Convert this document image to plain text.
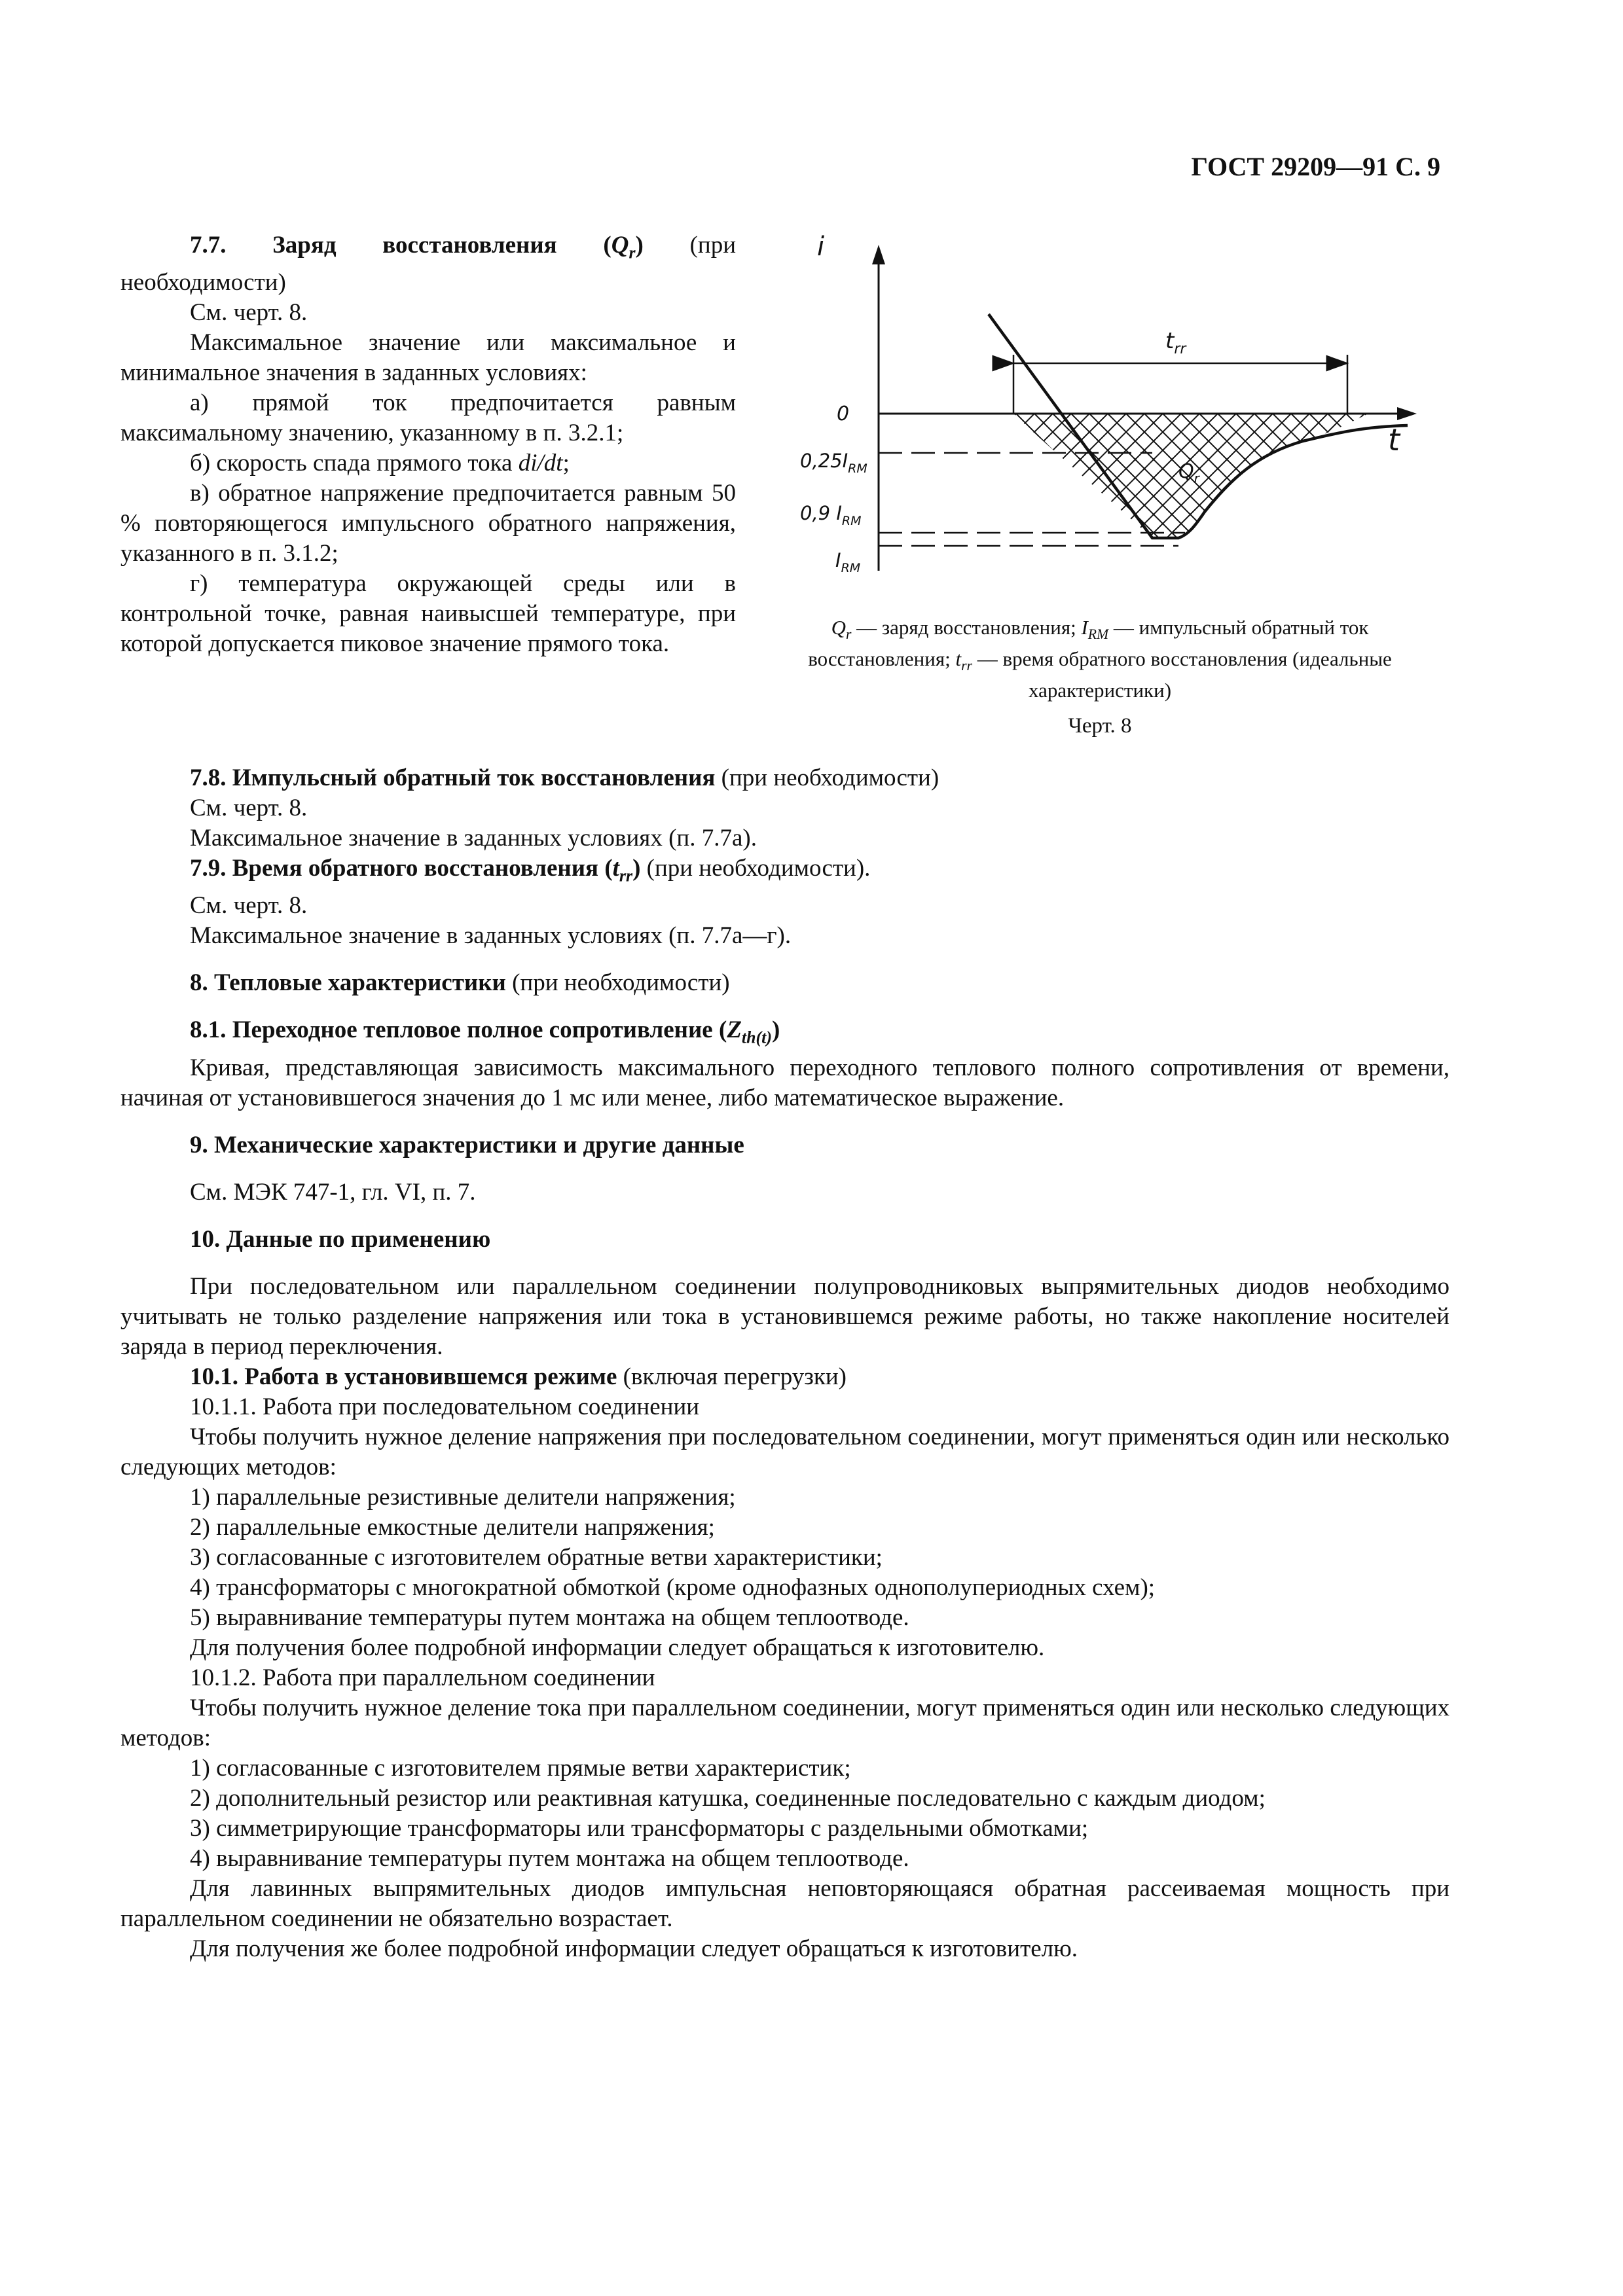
ГОСТ 29209—91 С. 9

7.7. Заряд восстановления $(Q_r)$ (при необходимости)

См. черт. 8.

Максимальное значение или максимальное и минимальное значения в заданных условиях:

а) прямой ток предпочитается равным максимальному значению, указанному в п. 3.2.1;

б) скорость спада прямого тока di/dt;

в) обратное напряжение предпочитается равным 50 % повторяющегося импульсного обратного напряжения, указанного в п. 3.1.2;

г) температура окружающей среды или в контрольной точке, равная наивысшей температуре, при которой допускается пиковое значение прямого тока.

i
t
0
$0,25I_{RM}$
0,9 $I_{RM}$
$I_{RM}$
$t_{rr}$
$Q_r$
$Q_r$ — заряд восстановления; $I_{RM}$ — импульсный обратный ток восстановления; $t_{rr}$ — время обратного восстановления (идеальные характеристики)
Черт. 8

7.8. Импульсный обратный ток восстановления (при необходимости)

См. черт. 8.

Максимальное значение в заданных условиях (п. 7.7а).

7.9. Время обратного восстановления $(t_{rr})$ (при необходимости).

См. черт. 8.

Максимальное значение в заданных условиях (п. 7.7а—г).

8. Тепловые характеристики (при необходимости)

8.1. Переходное тепловое полное сопротивление $(Z_{th(t)})$

Кривая, представляющая зависимость максимального переходного теплового полного сопротивления от времени, начиная от установившегося значения до 1 мс или менее, либо математическое выражение.

9. Механические характеристики и другие данные

См. МЭК 747-1, гл. VI, п. 7.

10. Данные по применению

При последовательном или параллельном соединении полупроводниковых выпрямительных диодов необходимо учитывать не только разделение напряжения или тока в установившемся режиме работы, но также накопление носителей заряда в период переключения.

10.1. Работа в установившемся режиме (включая перегрузки)

10.1.1. Работа при последовательном соединении

Чтобы получить нужное деление напряжения при последовательном соединении, могут применяться один или несколько следующих методов:

1) параллельные резистивные делители напряжения;

2) параллельные емкостные делители напряжения;

3) согласованные с изготовителем обратные ветви характеристики;

4) трансформаторы с многократной обмоткой (кроме однофазных однополупериодных схем);

5) выравнивание температуры путем монтажа на общем теплоотводе.

Для получения более подробной информации следует обращаться к изготовителю.

10.1.2. Работа при параллельном соединении

Чтобы получить нужное деление тока при параллельном соединении, могут применяться один или несколько следующих методов:

1) согласованные с изготовителем прямые ветви характеристик;

2) дополнительный резистор или реактивная катушка, соединенные последовательно с каждым диодом;

3) симметрирующие трансформаторы или трансформаторы с раздельными обмотками;

4) выравнивание температуры путем монтажа на общем теплоотводе.

Для лавинных выпрямительных диодов импульсная неповторяющаяся обратная рассеиваемая мощность при параллельном соединении не обязательно возрастает.

Для получения же более подробной информации следует обращаться к изготовителю.
